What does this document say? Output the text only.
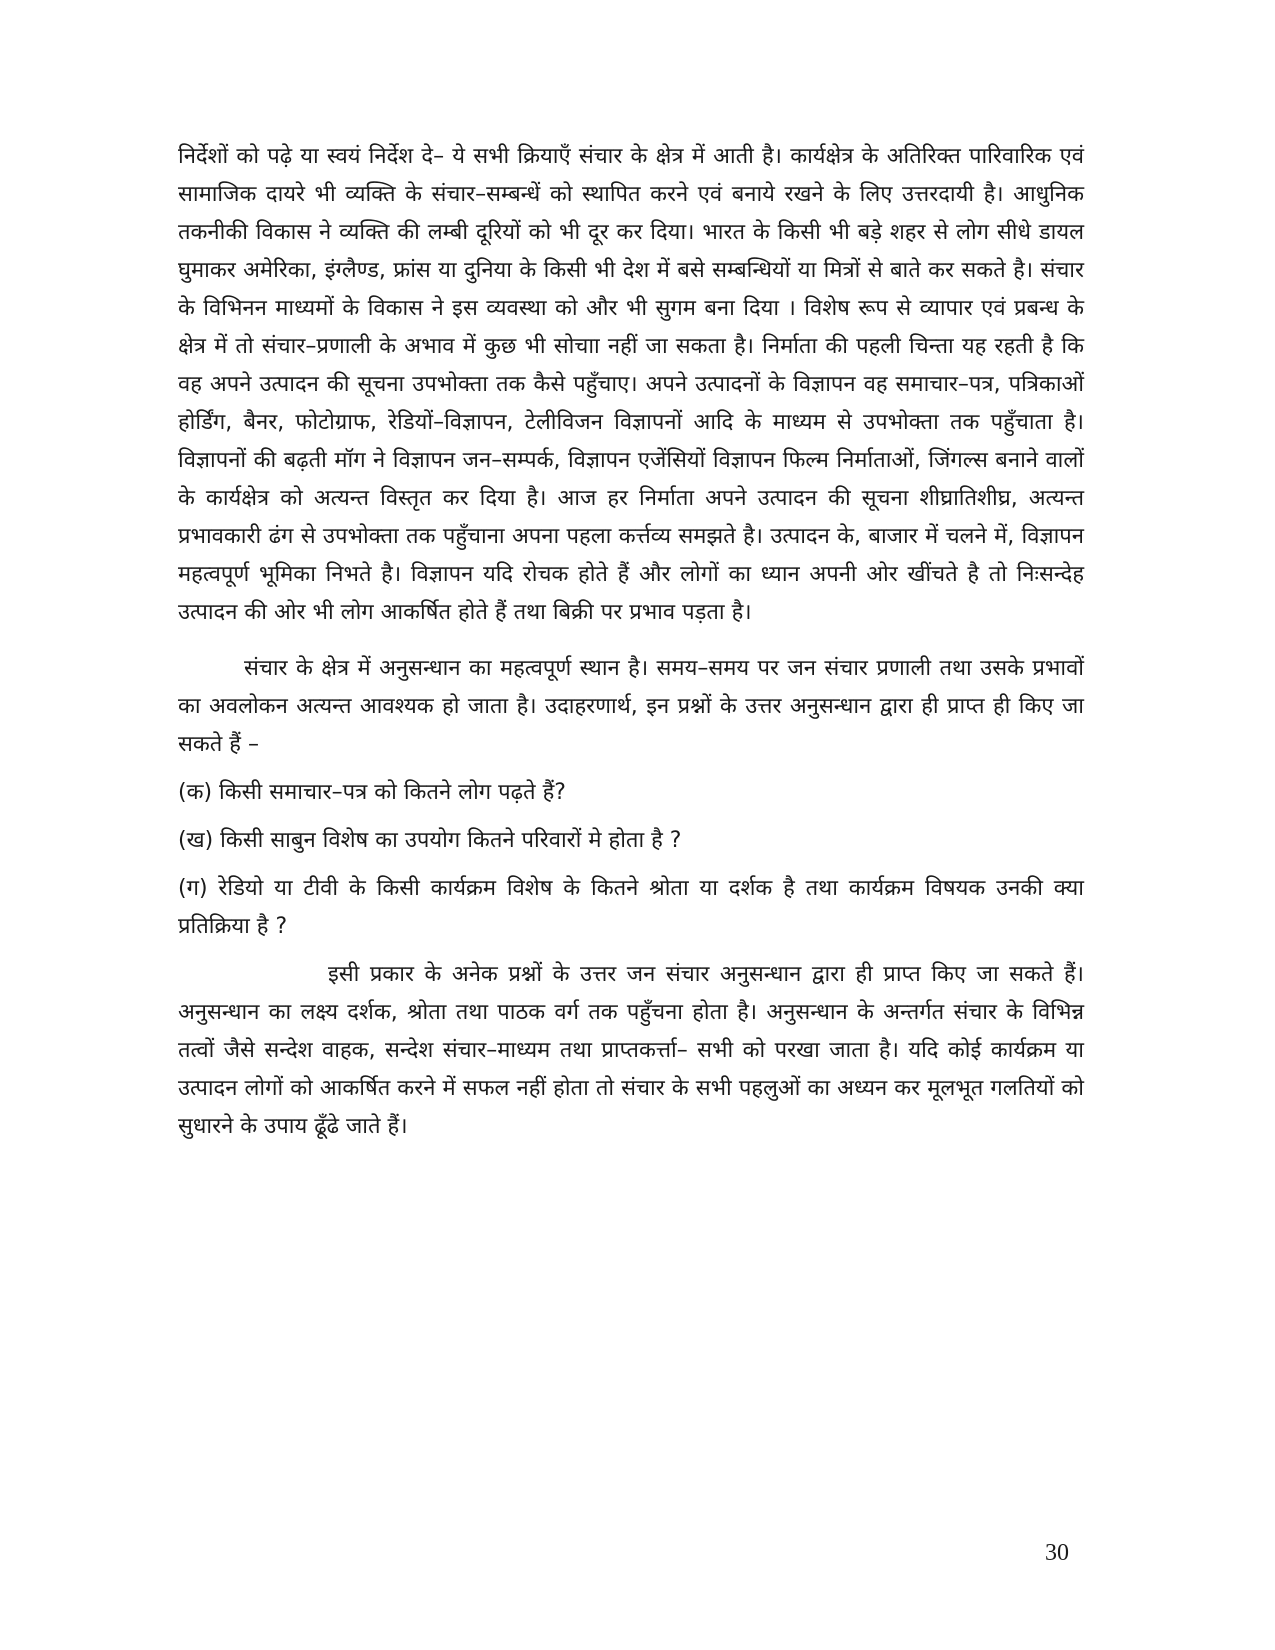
निर्देशों को पढ़े या स्वयं निर्देश दे– ये सभी क्रियाएँ संचार के क्षेत्र में आती है। कार्यक्षेत्र के अतिरिक्त पारिवारिक एवं सामाजिक दायरे भी व्यक्ति के संचार–सम्बन्धें को स्थापित करने एवं बनाये रखने के लिए उत्तरदायी है। आधुनिक तकनीकी विकास ने व्यक्ति की लम्बी दूरियों को भी दूर कर दिया। भारत के किसी भी बड़े शहर से लोग सीधे डायल घुमाकर अमेरिका, इंग्लैण्ड, फ्रांस या दुनिया के किसी भी देश में बसे सम्बन्धियों या मित्रों से बाते कर सकते है। संचार के विभिनन माध्यमों के विकास ने इस व्यवस्था को और भी सुगम बना दिया । विशेष रूप से व्यापार एवं प्रबन्ध के क्षेत्र में तो संचार–प्रणाली के अभाव में कुछ भी सोचाा नहीं जा सकता है। निर्माता की पहली चिन्ता यह रहती है कि वह अपने उत्पादन की सूचना उपभोक्ता तक कैसे पहुँचाए। अपने उत्पादनों के विज्ञापन वह समाचार–पत्र, पत्रिकाओं होर्डिंग, बैनर, फोटोग्राफ, रेडियों–विज्ञापन, टेलीविजन विज्ञापनों आदि के माध्यम से उपभोक्ता तक पहुँचाता है। विज्ञापनों की बढ़ती मॉग ने विज्ञापन जन–सम्पर्क, विज्ञापन एजेंसियों विज्ञापन फिल्म निर्माताओं, जिंगल्स बनाने वालों के कार्यक्षेत्र को अत्यन्त विस्तृत कर दिया है। आज हर निर्माता अपने उत्पादन की सूचना शीघ्रातिशीघ्र, अत्यन्त प्रभावकारी ढंग से उपभोक्ता तक पहुँचाना अपना पहला कर्त्तव्य समझते है। उत्पादन के, बाजार में चलने में, विज्ञापन महत्वपूर्ण भूमिका निभते है। विज्ञापन यदि रोचक होते हैं और लोगों का ध्यान अपनी ओर खींचते है तो निःसन्देह उत्पादन की ओर भी लोग आकर्षित होते हैं तथा बिक्री पर प्रभाव पड़ता है।

संचार के क्षेत्र में अनुसन्धान का महत्वपूर्ण स्थान है। समय–समय पर जन संचार प्रणाली तथा उसके प्रभावों का अवलोकन अत्यन्त आवश्यक हो जाता है। उदाहरणार्थ, इन प्रश्नों के उत्तर अनुसन्धान द्वारा ही प्राप्त ही किए जा सकते हैं –

(क) किसी समाचार–पत्र को कितने लोग पढ़ते हैं?

(ख) किसी साबुन विशेष का उपयोग कितने परिवारों मे होता है ?

(ग) रेडियो या टीवी के किसी कार्यक्रम विशेष के कितने श्रोता या दर्शक है तथा कार्यक्रम विषयक उनकी क्या प्रतिक्रिया है ?

इसी प्रकार के अनेक प्रश्नों के उत्तर जन संचार अनुसन्धान द्वारा ही प्राप्त किए जा सकते हैं। अनुसन्धान का लक्ष्य दर्शक, श्रोता तथा पाठक वर्ग तक पहुँचना होता है। अनुसन्धान के अन्तर्गत संचार के विभिन्न तत्वों जैसे सन्देश वाहक, सन्देश संचार–माध्यम तथा प्राप्तकर्त्ता– सभी को परखा जाता है। यदि कोई कार्यक्रम या उत्पादन लोगों को आकर्षित करने में सफल नहीं होता तो संचार के सभी पहलुओं का अध्यन कर मूलभूत गलतियों को सुधारने के उपाय ढूँढे जाते हैं।

30
